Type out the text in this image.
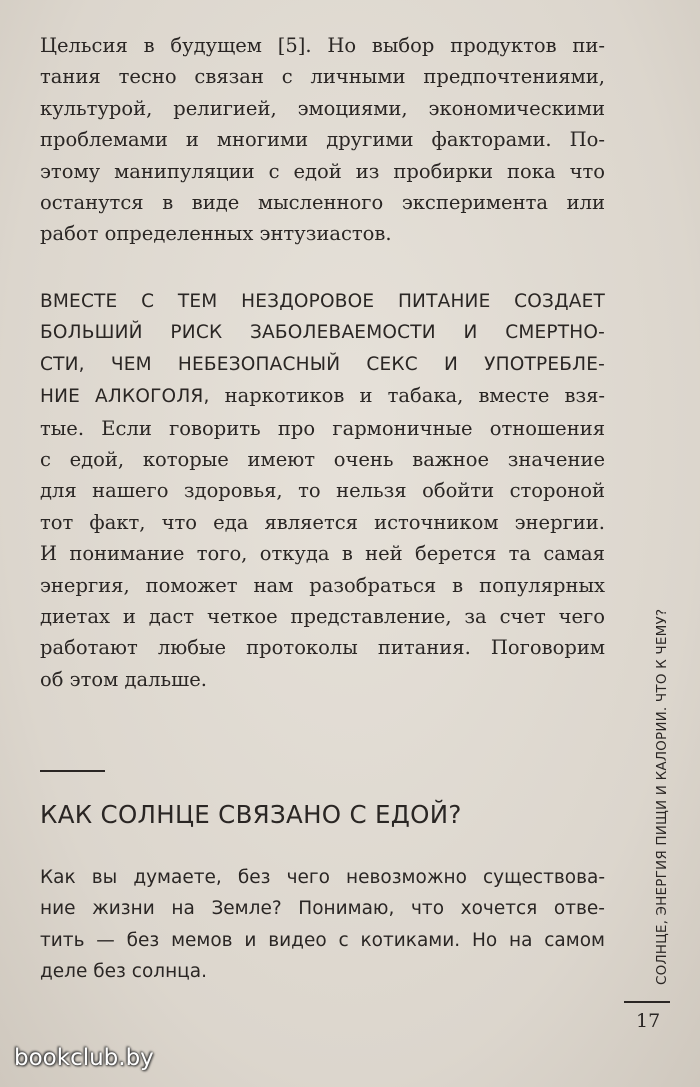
Цельсия в будущем [5]. Но выбор продуктов пи-
тания тесно связан с личными предпочтениями,
культурой, религией, эмоциями, экономическими
проблемами и многими другими факторами. По-
этому манипуляции с едой из пробирки пока что
останутся в виде мысленного эксперимента или
работ определенных энтузиастов.
ВМЕСТЕ С ТЕМ НЕЗДОРОВОЕ ПИТАНИЕ СОЗДАЕТ
БОЛЬШИЙ РИСК ЗАБОЛЕВАЕМОСТИ И СМЕРТНО-
СТИ, ЧЕМ НЕБЕЗОПАСНЫЙ СЕКС И УПОТРЕБЛЕ-
НИЕ АЛКОГОЛЯ, наркотиков и табака, вместе взя-
тые. Если говорить про гармоничные отношения
с едой, которые имеют очень важное значение
для нашего здоровья, то нельзя обойти стороной
тот факт, что еда является источником энергии.
И понимание того, откуда в ней берется та самая
энергия, поможет нам разобраться в популярных
диетах и даст четкое представление, за счет чего
работают любые протоколы питания. Поговорим
об этом дальше.
КАК СОЛНЦЕ СВЯЗАНО С ЕДОЙ?
Как вы думаете, без чего невозможно существова-
ние жизни на Земле? Понимаю, что хочется отве-
тить — без мемов и видео с котиками. Но на самом
деле без солнца.	СОЛНЦЕ, ЭНЕРГИЯ ПИЩИ И КАЛОРИИ. ЧТО К ЧЕМУ?
17
bookclub.by
